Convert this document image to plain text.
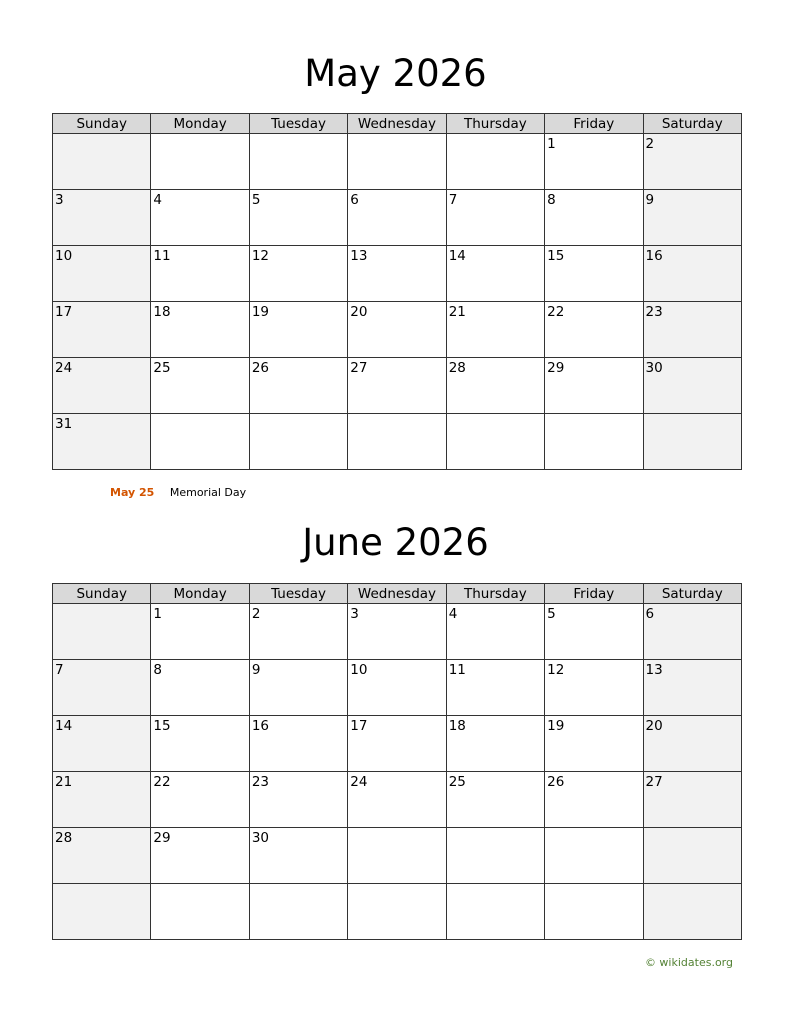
May 2026
Sunday	Monday	Tuesday	Wednesday	Thursday	Friday	Saturday

					1	2

3	4	5	6	7	8	9

10	11	12	13	14	15	16

17	18	19	20	21	22	23

24	25	26	27	28	29	30

31						

May 25 Memorial Day
June 2026
Sunday	Monday	Tuesday	Wednesday	Thursday	Friday	Saturday

	1	2	3	4	5	6

7	8	9	10	11	12	13

14	15	16	17	18	19	20

21	22	23	24	25	26	27

28	29	30				

© wikidates.org
